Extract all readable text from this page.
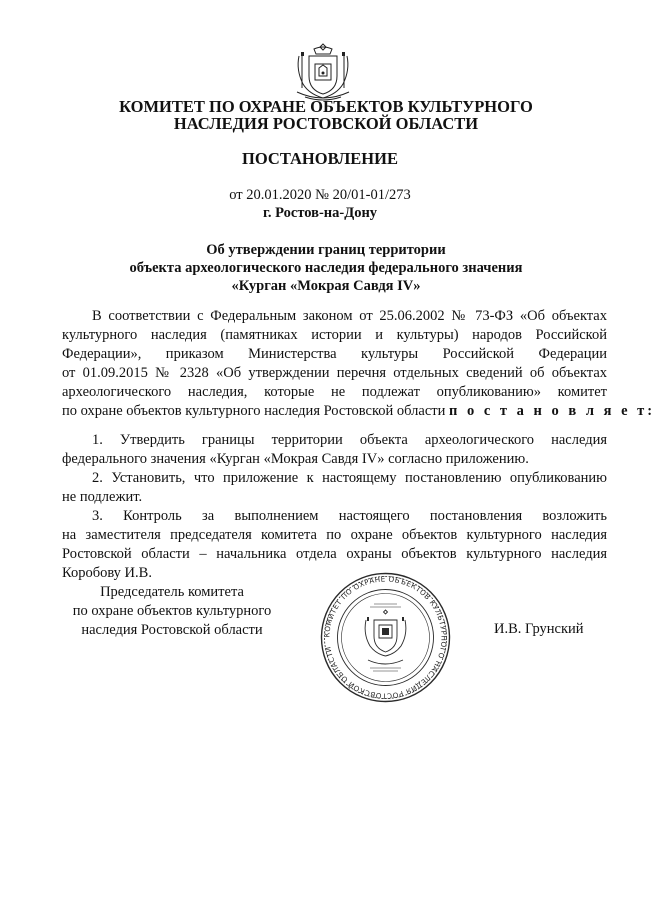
КОМИТЕТ ПО ОХРАНЕ ОБЪЕКТОВ КУЛЬТУРНОГО
НАСЛЕДИЯ РОСТОВСКОЙ ОБЛАСТИ
ПОСТАНОВЛЕНИЕ
от 20.01.2020 № 20/01-01/273
г. Ростов-на-Дону
Об утверждении границ территории
объекта археологического наследия федерального значения
«Курган «Мокрая Савдя IV»
В соответствии с Федеральным законом от 25.06.2002 № 73-ФЗ «Об объектах
культурного наследия (памятниках истории и культуры) народов Российской
Федерации», приказом Министерства культуры Российской Федерации
от 01.09.2015 № 2328 «Об утверждении перечня отдельных сведений об объектах
археологического наследия, которые не подлежат опубликованию» комитет
по охране объектов культурного наследия Ростовской области п о с т а н о в л я е т:
1. Утвердить границы территории объекта археологического наследия
федерального значения «Курган «Мокрая Савдя IV» согласно приложению.
2. Установить, что приложение к настоящему постановлению опубликованию
не подлежит.
3. Контроль за выполнением настоящего постановления возложить
на заместителя председателя комитета по охране объектов культурного наследия
Ростовской области – начальника отдела охраны объектов культурного наследия
Коробову И.В.
Председатель комитета
по охране объектов культурного
наследия Ростовской области	КОМИТЕТ ПО ОХРАНЕ ОБЪЕКТОВ КУЛЬТУРНОГО НАСЛЕДИЯ РОСТОВСКОЙ ОБЛАСТИ
И.В. Грунский
